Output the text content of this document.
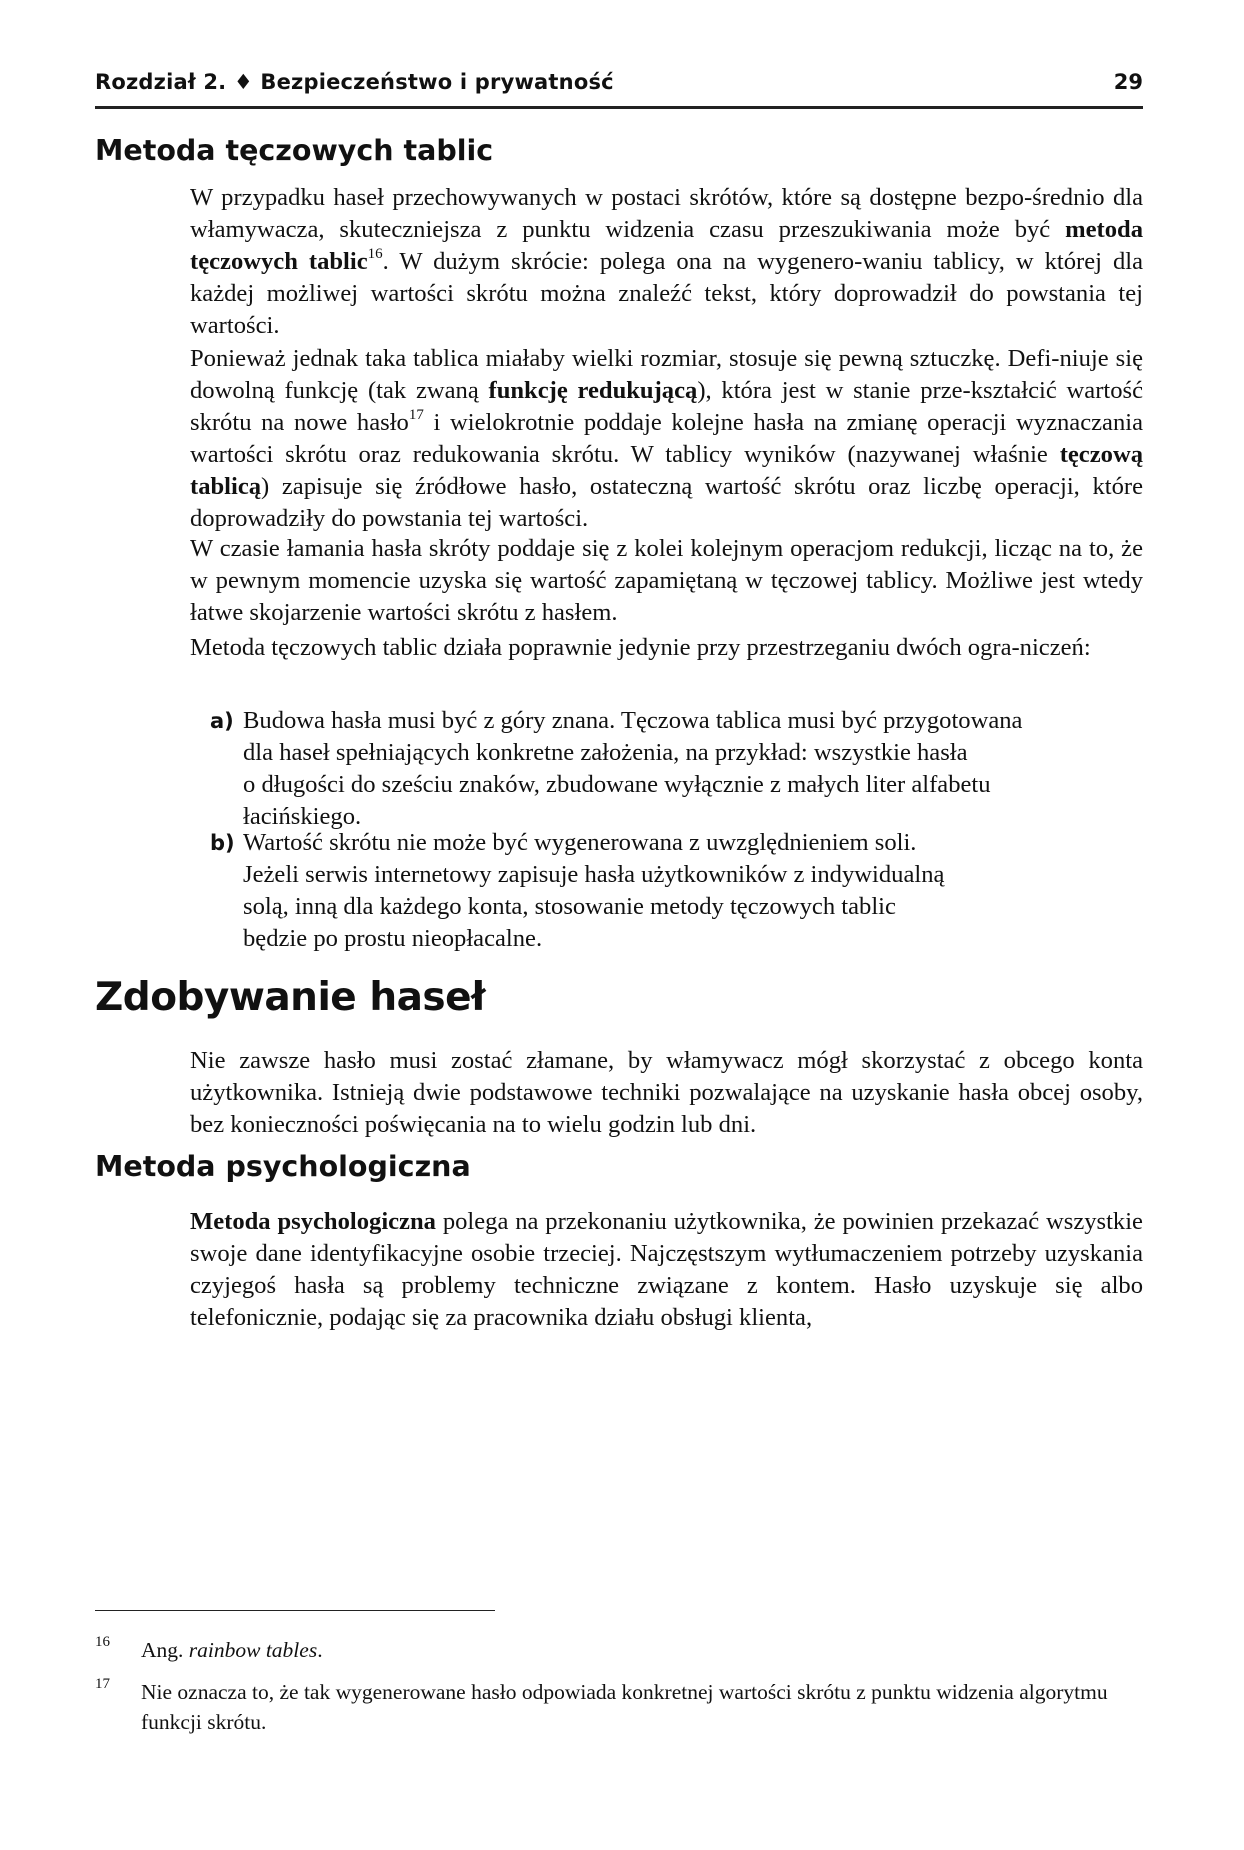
Rozdział 2. ♦ Bezpieczeństwo i prywatność	29
Metoda tęczowych tablic

W przypadku haseł przechowywanych w postaci skrótów, które są dostępne bezpo-średnio dla włamywacza, skuteczniejsza z punktu widzenia czasu przeszukiwania może być metoda tęczowych tablic$^{16}$. W dużym skrócie: polega ona na wygenero-waniu tablicy, w której dla każdej możliwej wartości skrótu można znaleźć tekst, który doprowadził do powstania tej wartości.

Ponieważ jednak taka tablica miałaby wielki rozmiar, stosuje się pewną sztuczkę. Defi-niuje się dowolną funkcję (tak zwaną funkcję redukującą), która jest w stanie prze-kształcić wartość skrótu na nowe hasło$^{17}$ i wielokrotnie poddaje kolejne hasła na zmianę operacji wyznaczania wartości skrótu oraz redukowania skrótu. W tablicy wyników (nazywanej właśnie tęczową tablicą) zapisuje się źródłowe hasło, ostateczną wartość skrótu oraz liczbę operacji, które doprowadziły do powstania tej wartości.

W czasie łamania hasła skróty poddaje się z kolei kolejnym operacjom redukcji, licząc na to, że w pewnym momencie uzyska się wartość zapamiętaną w tęczowej tablicy. Możliwe jest wtedy łatwe skojarzenie wartości skrótu z hasłem.

Metoda tęczowych tablic działa poprawnie jedynie przy przestrzeganiu dwóch ogra-niczeń:

a) Budowa hasła musi być z góry znana. Tęczowa tablica musi być przygotowana
dla haseł spełniających konkretne założenia, na przykład: wszystkie hasła
o długości do sześciu znaków, zbudowane wyłącznie z małych liter alfabetu
łacińskiego.
b) Wartość skrótu nie może być wygenerowana z uwzględnieniem soli.
Jeżeli serwis internetowy zapisuje hasła użytkowników z indywidualną
solą, inną dla każdego konta, stosowanie metody tęczowych tablic
będzie po prostu nieopłacalne.
Zdobywanie haseł

Nie zawsze hasło musi zostać złamane, by włamywacz mógł skorzystać z obcego konta użytkownika. Istnieją dwie podstawowe techniki pozwalające na uzyskanie hasła obcej osoby, bez konieczności poświęcania na to wielu godzin lub dni.

Metoda psychologiczna

Metoda psychologiczna polega na przekonaniu użytkownika, że powinien przekazać wszystkie swoje dane identyfikacyjne osobie trzeciej. Najczęstszym wytłumaczeniem potrzeby uzyskania czyjegoś hasła są problemy techniczne związane z kontem. Hasło uzyskuje się albo telefonicznie, podając się za pracownika działu obsługi klienta,

16 Ang. rainbow tables.
17 Nie oznacza to, że tak wygenerowane hasło odpowiada konkretnej wartości skrótu z punktu widzenia algorytmu funkcji skrótu.
